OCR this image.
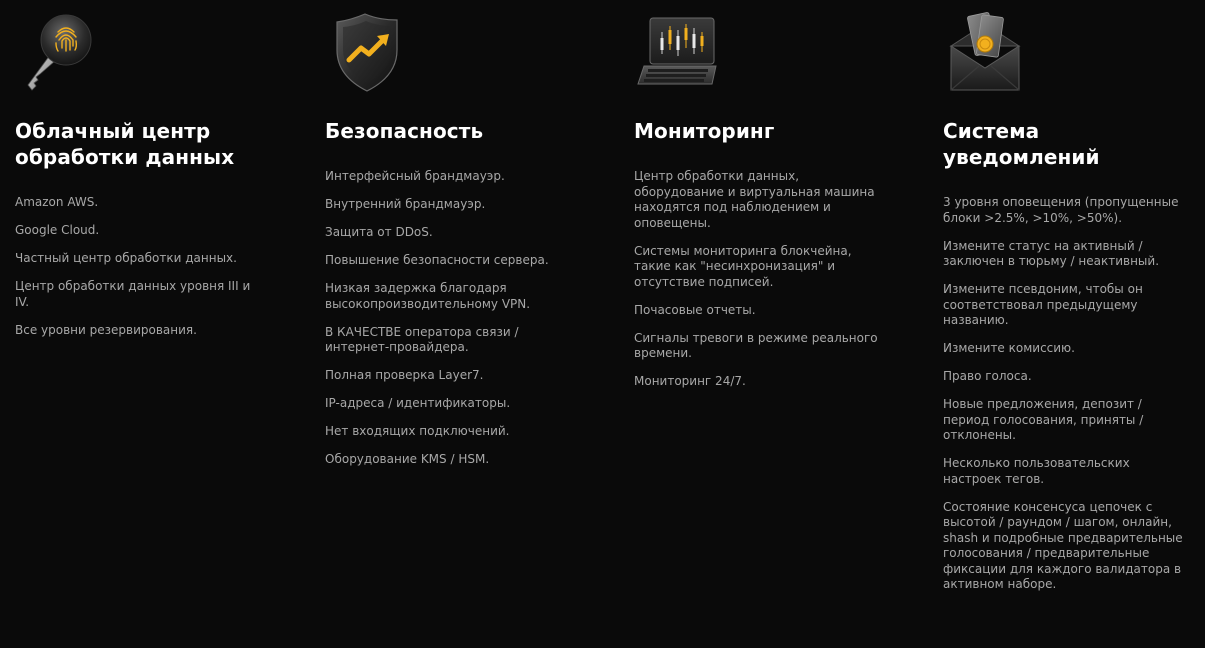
Облачный центр обработки данных
Amazon AWS.
Google Cloud.
Частный центр обработки данных.
Центр обработки данных уровня III и IV.
Все уровни резервирования.
Безопасность
Интерфейсный брандмауэр.
Внутренний брандмауэр.
Защита от DDoS.
Повышение безопасности сервера.
Низкая задержка благодаря высокопроизводительному VPN.
В КАЧЕСТВЕ оператора связи / интернет-провайдера.
Полная проверка Layer7.
IP-адреса / идентификаторы.
Нет входящих подключений.
Оборудование KMS / HSM.
Мониторинг
Центр обработки данных, оборудование и виртуальная машина находятся под наблюдением и оповещены.
Системы мониторинга блокчейна, такие как "несинхронизация" и отсутствие подписей.
Почасовые отчеты.
Сигналы тревоги в режиме реального времени.
Мониторинг 24/7.
Система уведомлений
3 уровня оповещения (пропущенные блоки >2.5%, >10%, >50%).
Измените статус на активный / заключен в тюрьму / неактивный.
Измените псевдоним, чтобы он соответствовал предыдущему названию.
Измените комиссию.
Право голоса.
Новые предложения, депозит / период голосования, приняты / отклонены.
Несколько пользовательских настроек тегов.
Состояние консенсуса цепочек с высотой / раундом / шагом, онлайн, shash и подробные предварительные голосования / предварительные фиксации для каждого валидатора в активном наборе.
